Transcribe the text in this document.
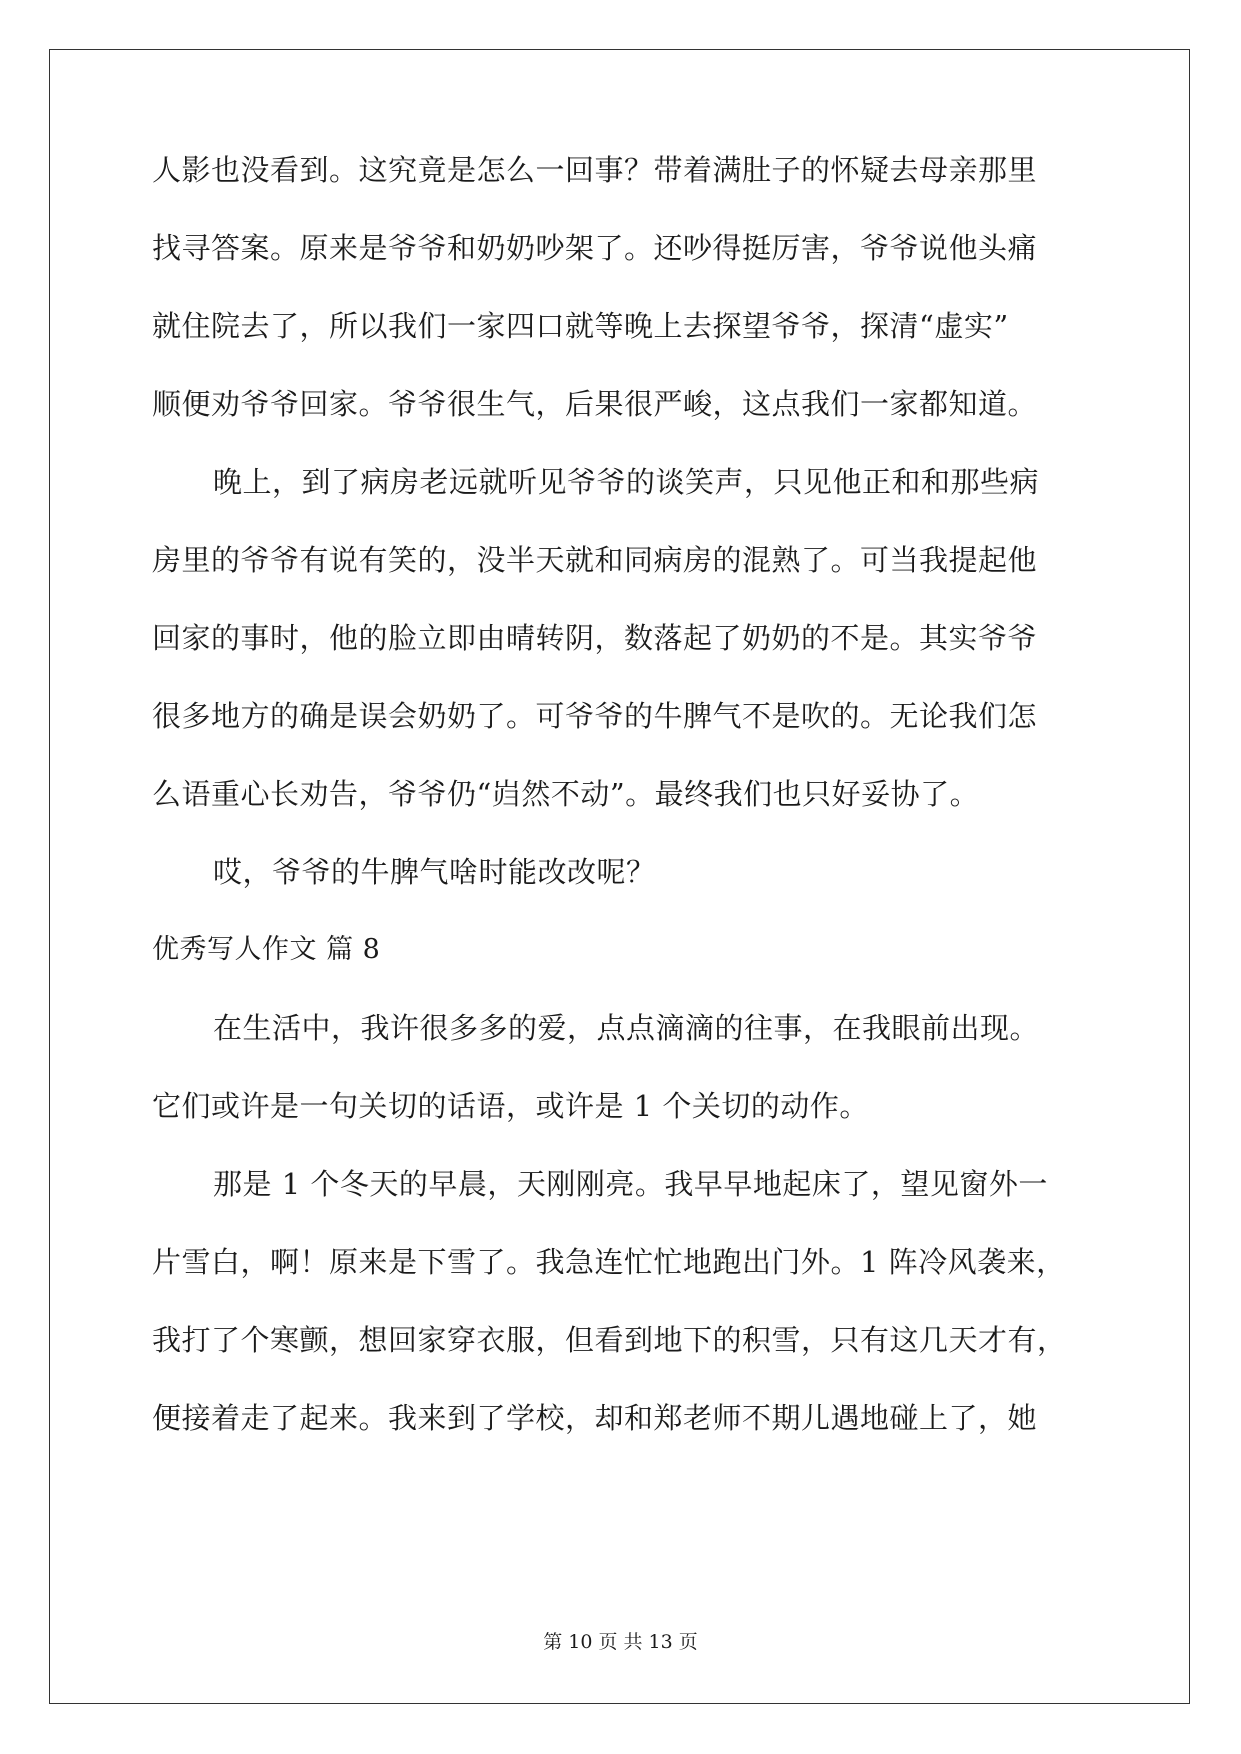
人影也没看到。这究竟是怎么一回事？带着满肚子的怀疑去母亲那里
找寻答案。原来是爷爷和奶奶吵架了。还吵得挺厉害，爷爷说他头痛
就住院去了，所以我们一家四口就等晚上去探望爷爷，探清“虚实”
顺便劝爷爷回家。爷爷很生气，后果很严峻，这点我们一家都知道。
晚上，到了病房老远就听见爷爷的谈笑声，只见他正和和那些病
房里的爷爷有说有笑的，没半天就和同病房的混熟了。可当我提起他
回家的事时，他的脸立即由晴转阴，数落起了奶奶的不是。其实爷爷
很多地方的确是误会奶奶了。可爷爷的牛脾气不是吹的。无论我们怎
么语重心长劝告，爷爷仍“岿然不动”。最终我们也只好妥协了。
哎，爷爷的牛脾气啥时能改改呢？
优秀写人作文 篇 8
在生活中，我许很多多的爱，点点滴滴的往事，在我眼前出现。
它们或许是一句关切的话语，或许是 1 个关切的动作。
那是 1 个冬天的早晨，天刚刚亮。我早早地起床了，望见窗外一
片雪白，啊！原来是下雪了。我急连忙忙地跑出门外。1 阵冷风袭来，
我打了个寒颤，想回家穿衣服，但看到地下的积雪，只有这几天才有，
便接着走了起来。我来到了学校，却和郑老师不期儿遇地碰上了，她
第 10 页 共 13 页
